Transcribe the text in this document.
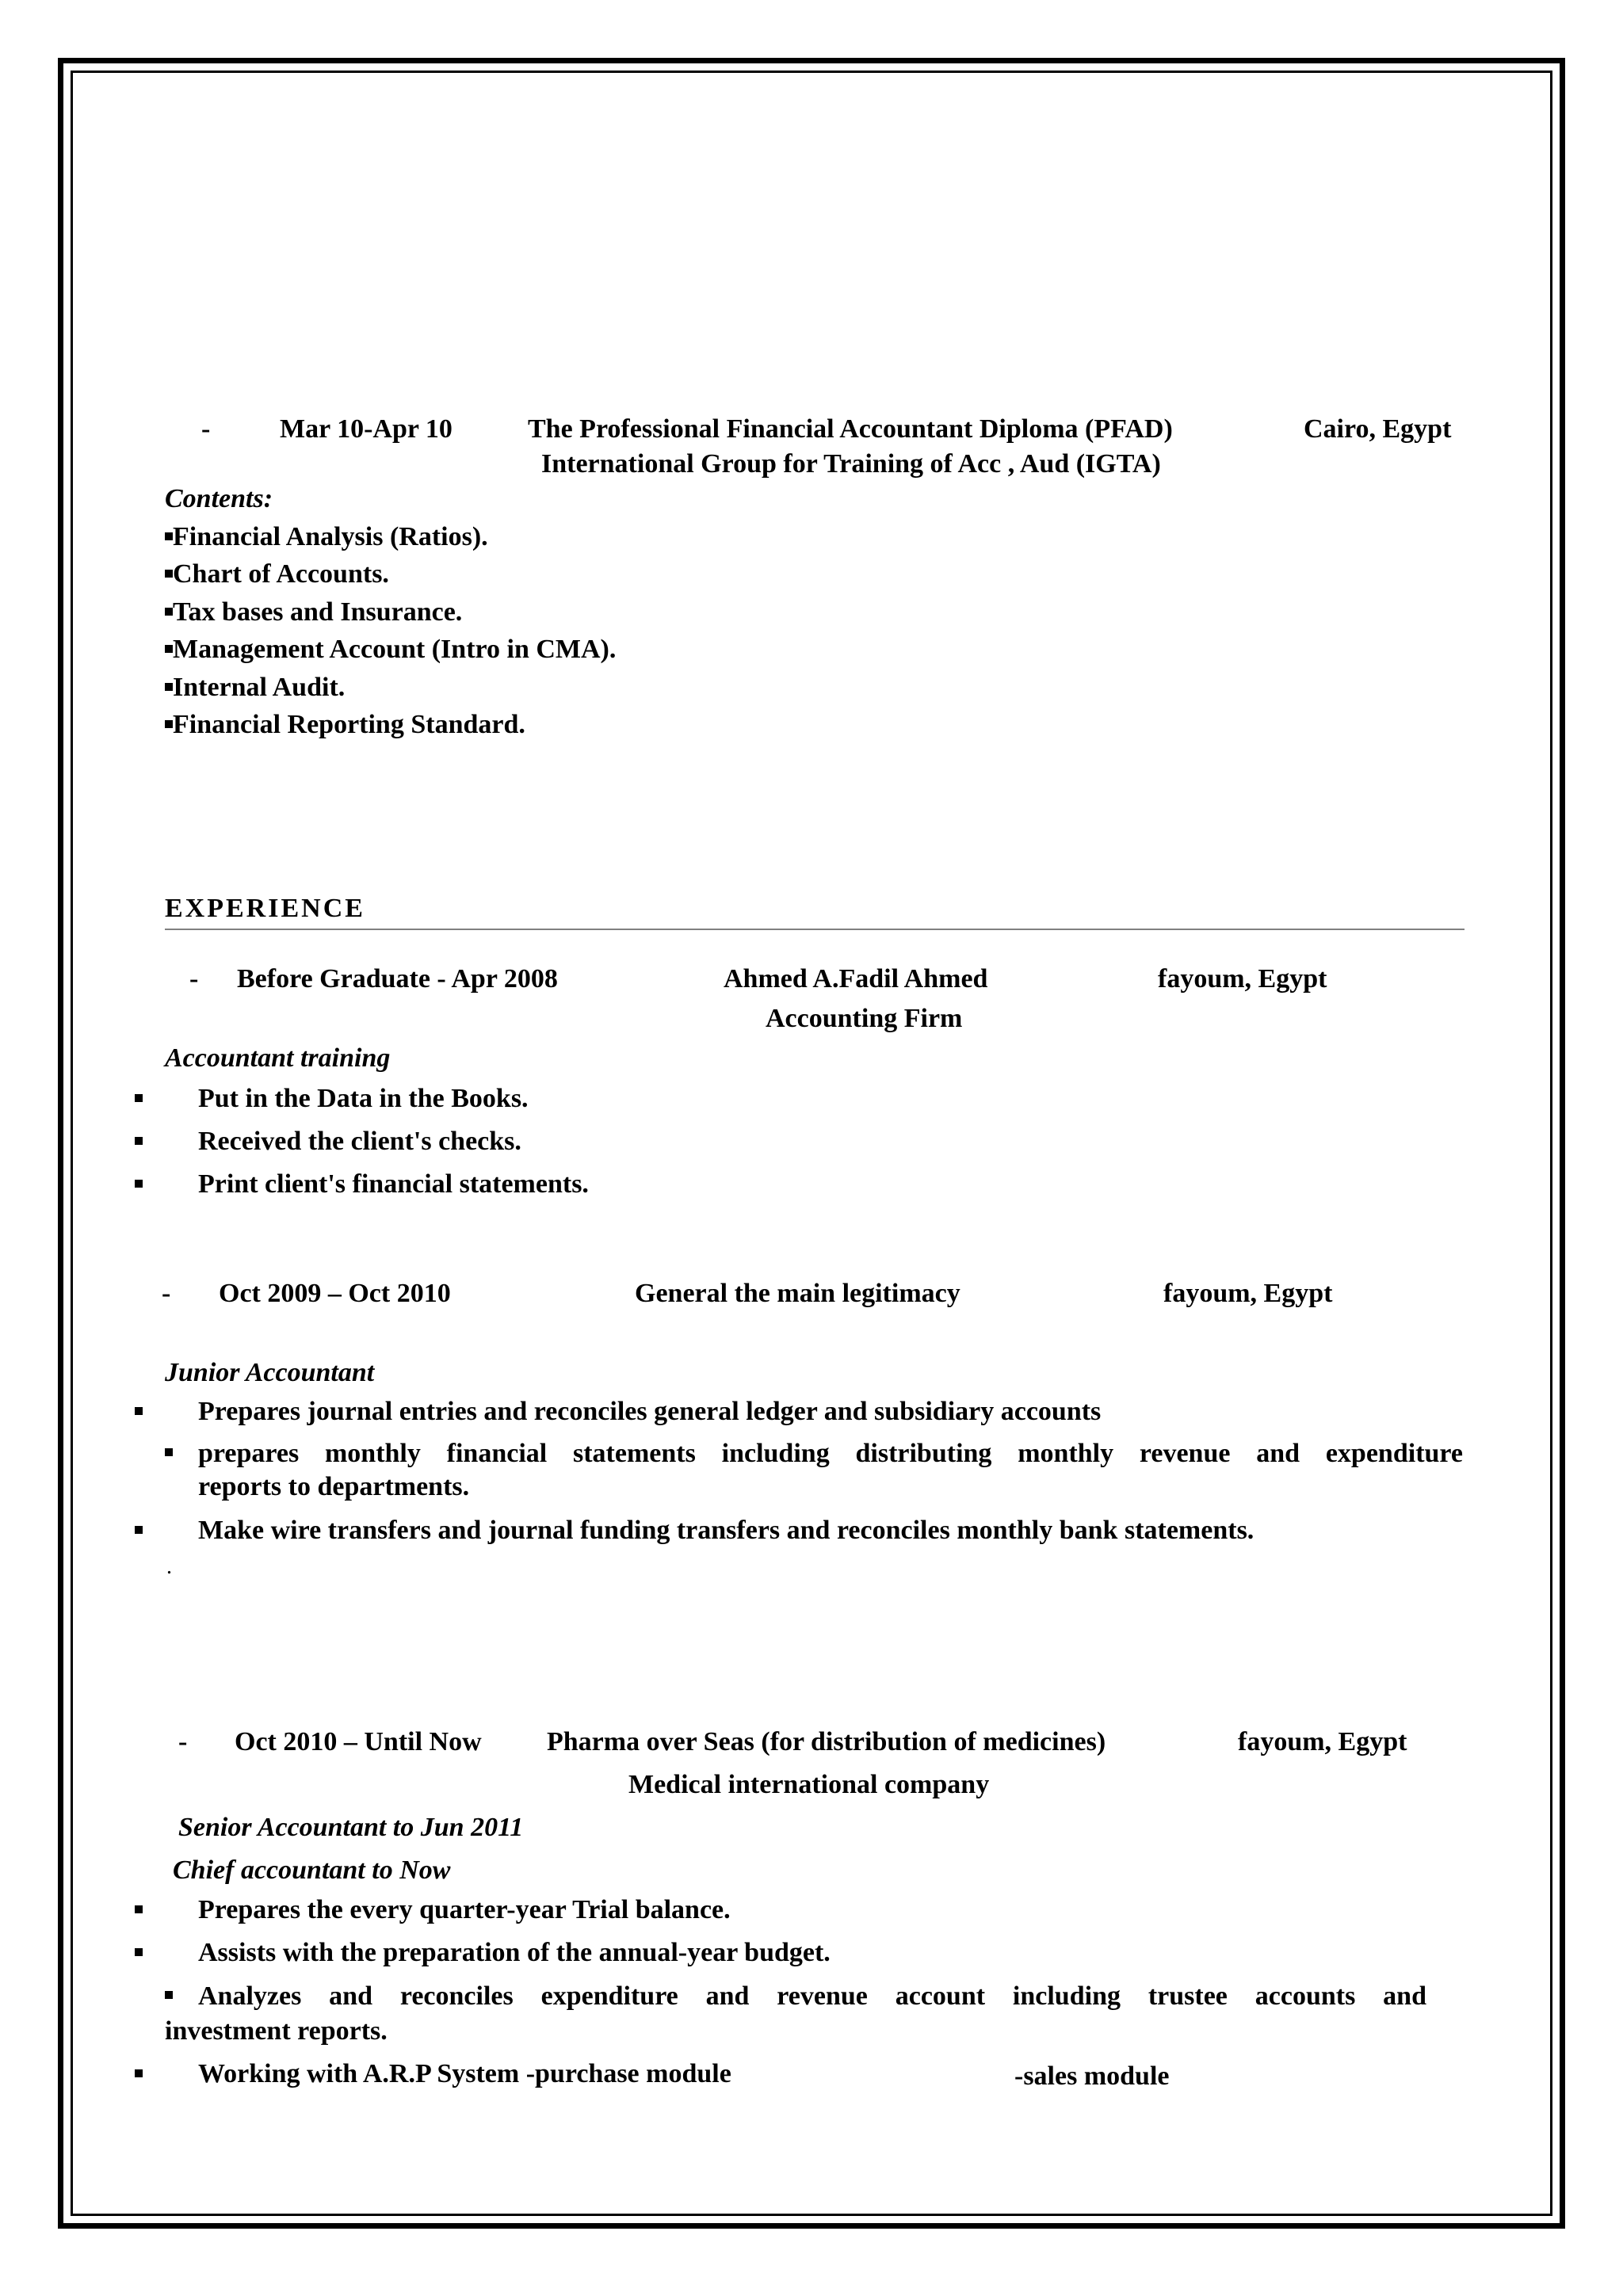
-	Mar 10-Apr 10	The Professional Financial Accountant Diploma (PFAD)	Cairo, Egypt
International Group for Training of Acc , Aud (IGTA)
Contents:
Financial Analysis (Ratios).
Chart of Accounts.
Tax bases and Insurance.
Management Account (Intro in CMA).
Internal Audit.
Financial Reporting Standard.
EXPERIENCE
- Before Graduate - Apr 2008	Ahmed A.Fadil Ahmed	fayoum, Egypt
Accounting Firm
Accountant training
Put in the Data in the Books.
Received the client's checks.
Print client's financial statements.
- Oct 2009 – Oct 2010	General the main legitimacy	fayoum, Egypt
Junior Accountant
Prepares journal entries and reconciles general ledger and subsidiary accounts
prepares monthly financial statements including distributing monthly revenue and expenditure
reports to departments.
Make wire transfers and journal funding transfers and reconciles monthly bank statements.
.
- Oct 2010 – Until Now Pharma over Seas (for distribution of medicines)	fayoum, Egypt
Medical international company
Senior Accountant to Jun 2011
Chief accountant to Now
Prepares the every quarter-year Trial balance.
Assists with the preparation of the annual-year budget.
Analyzes and reconciles expenditure and revenue account including trustee accounts and
investment reports.
Working with A.R.P System -purchase module	-sales module
